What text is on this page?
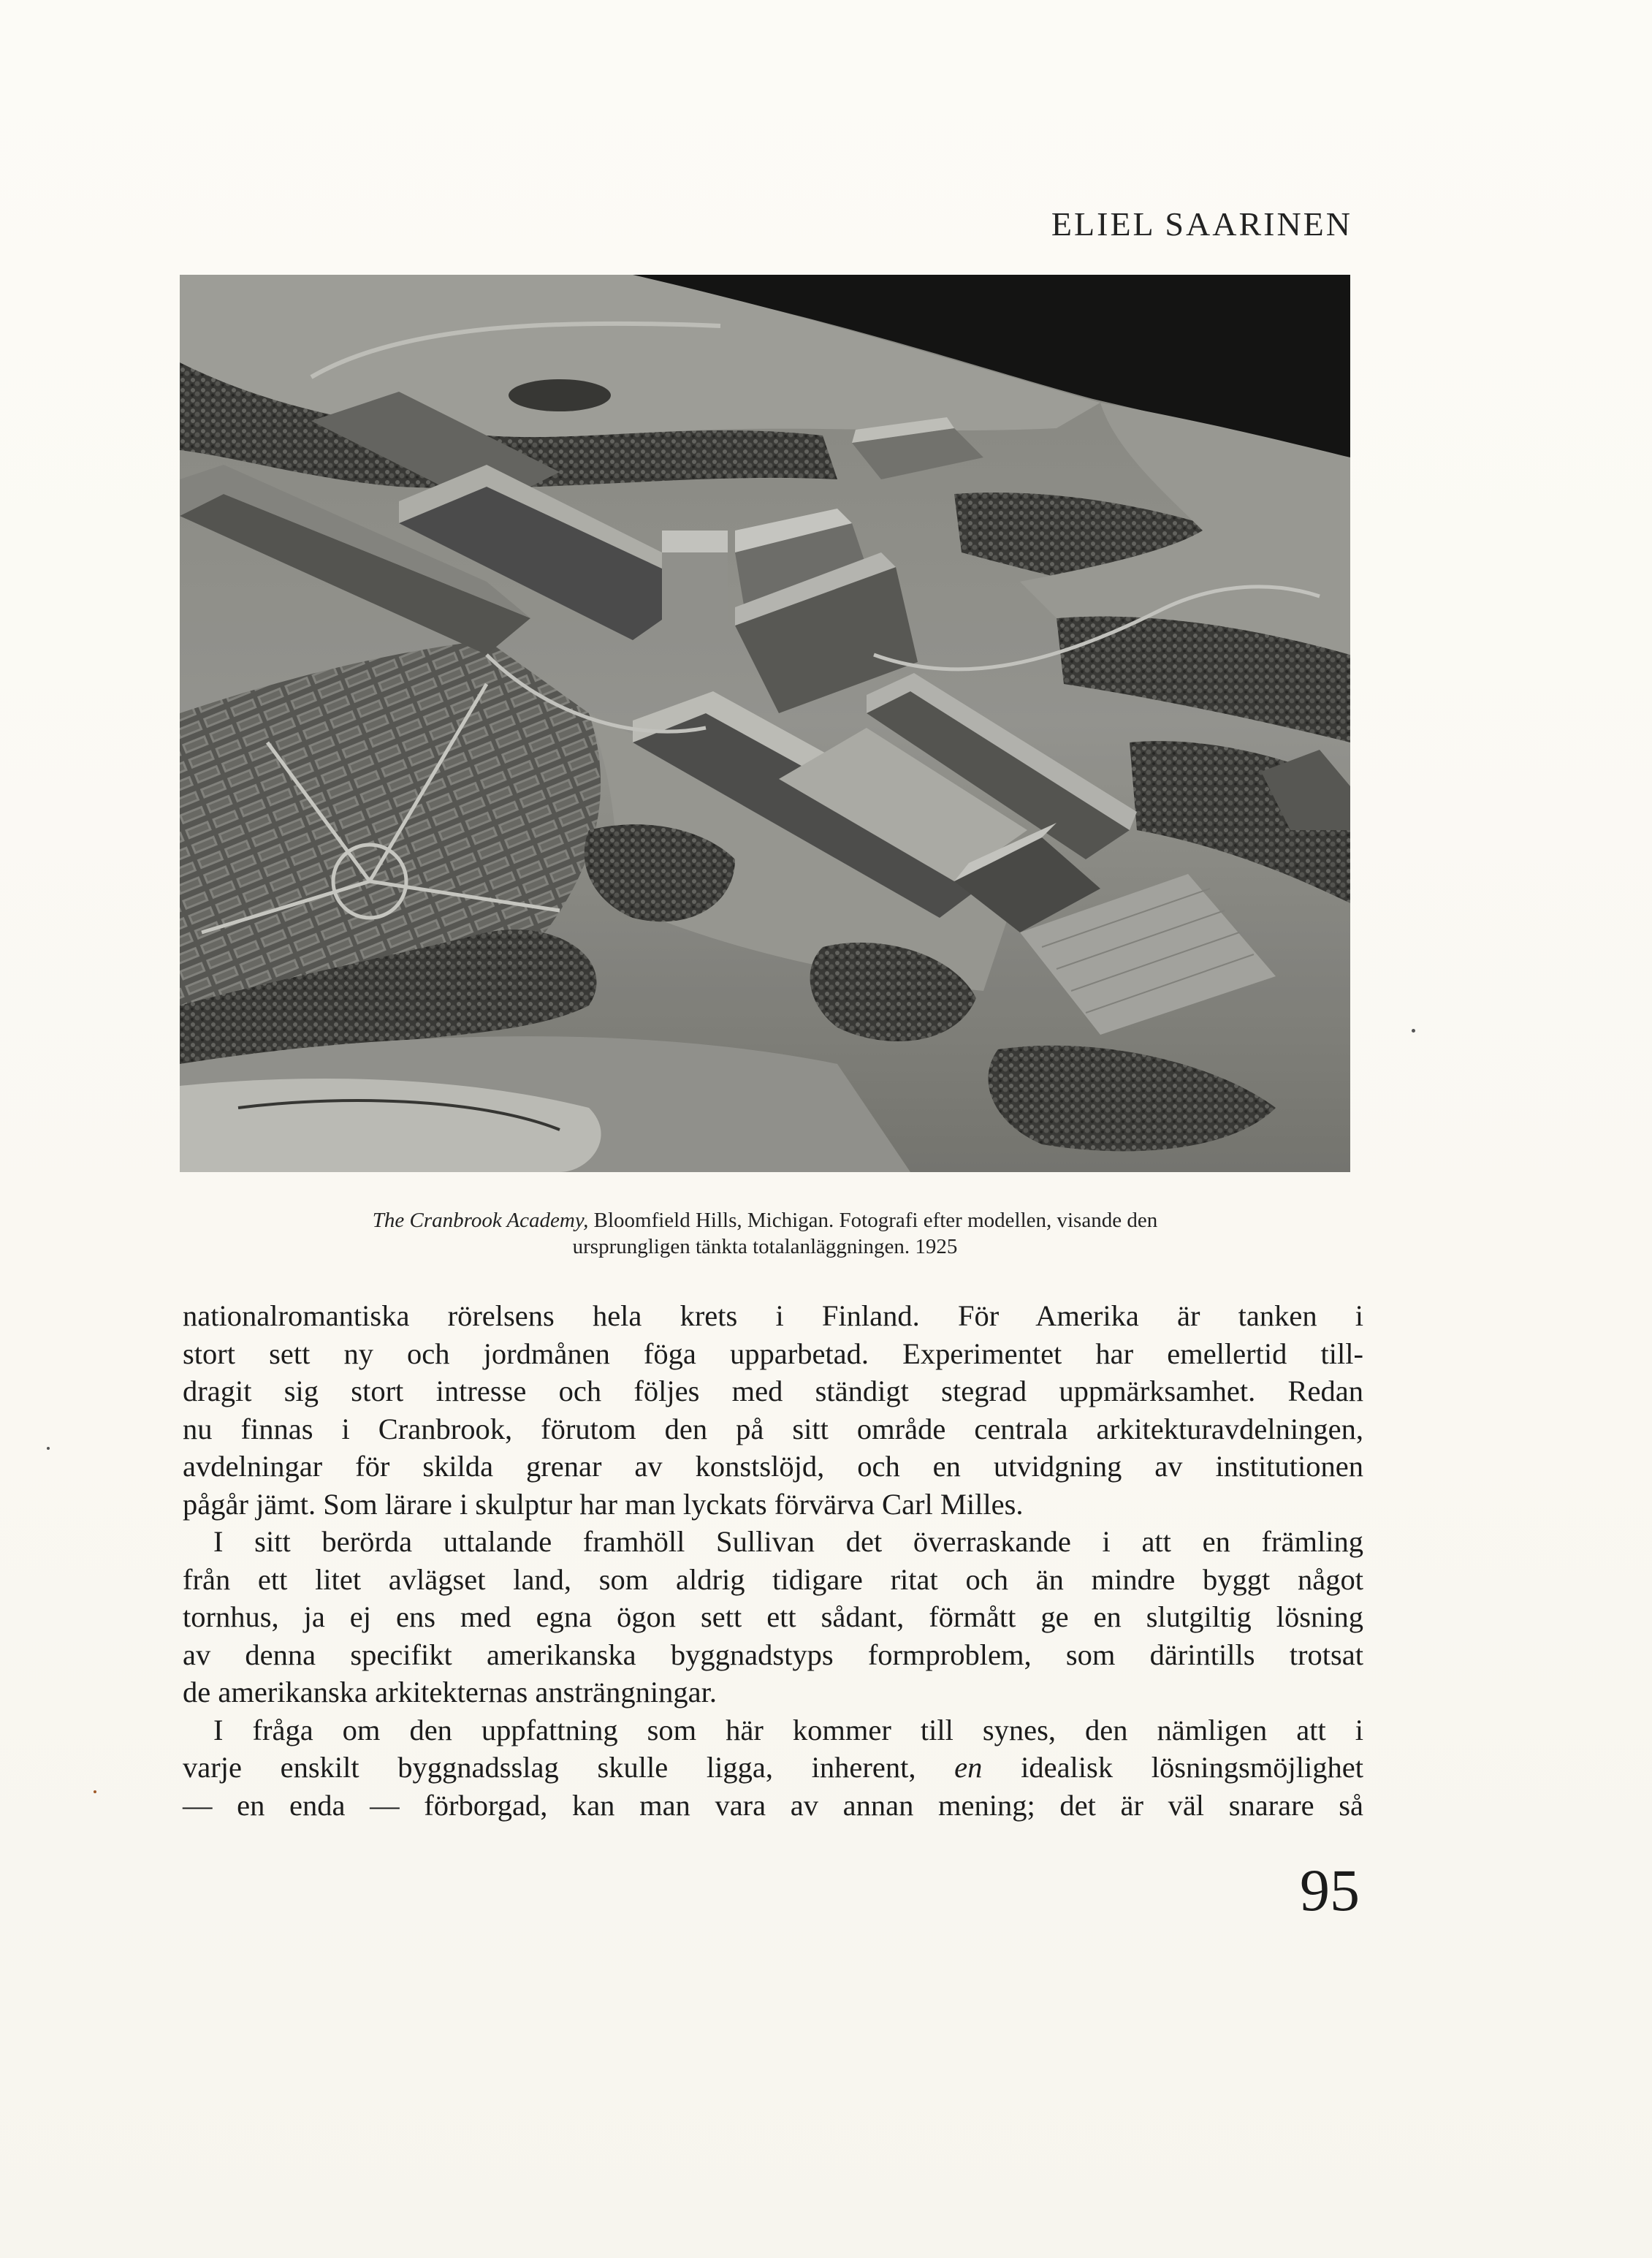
ELIEL SAARINEN
The Cranbrook Academy, Bloomfield Hills, Michigan. Fotografi efter modellen, visande den
ursprungligen tänkta totalanläggningen. 1925
nationalromantiska rörelsens hela krets i Finland. För Amerika är tanken i
stort sett ny och jordmånen föga upparbetad. Experimentet har emellertid till-
dragit sig stort intresse och följes med ständigt stegrad uppmärksamhet. Redan
nu finnas i Cranbrook, förutom den på sitt område centrala arkitekturavdelningen,
avdelningar för skilda grenar av konstslöjd, och en utvidgning av institutionen
pågår jämt. Som lärare i skulptur har man lyckats förvärva Carl Milles.
I sitt berörda uttalande framhöll Sullivan det överraskande i att en främling
från ett litet avlägset land, som aldrig tidigare ritat och än mindre byggt något
tornhus, ja ej ens med egna ögon sett ett sådant, förmått ge en slutgiltig lösning
av denna specifikt amerikanska byggnadstyps formproblem, som därintills trotsat
de amerikanska arkitekternas ansträngningar.
I fråga om den uppfattning som här kommer till synes, den nämligen att i
varje enskilt byggnadsslag skulle ligga, inherent, en idealisk lösningsmöjlighet
— en enda — förborgad, kan man vara av annan mening; det är väl snarare så
95
